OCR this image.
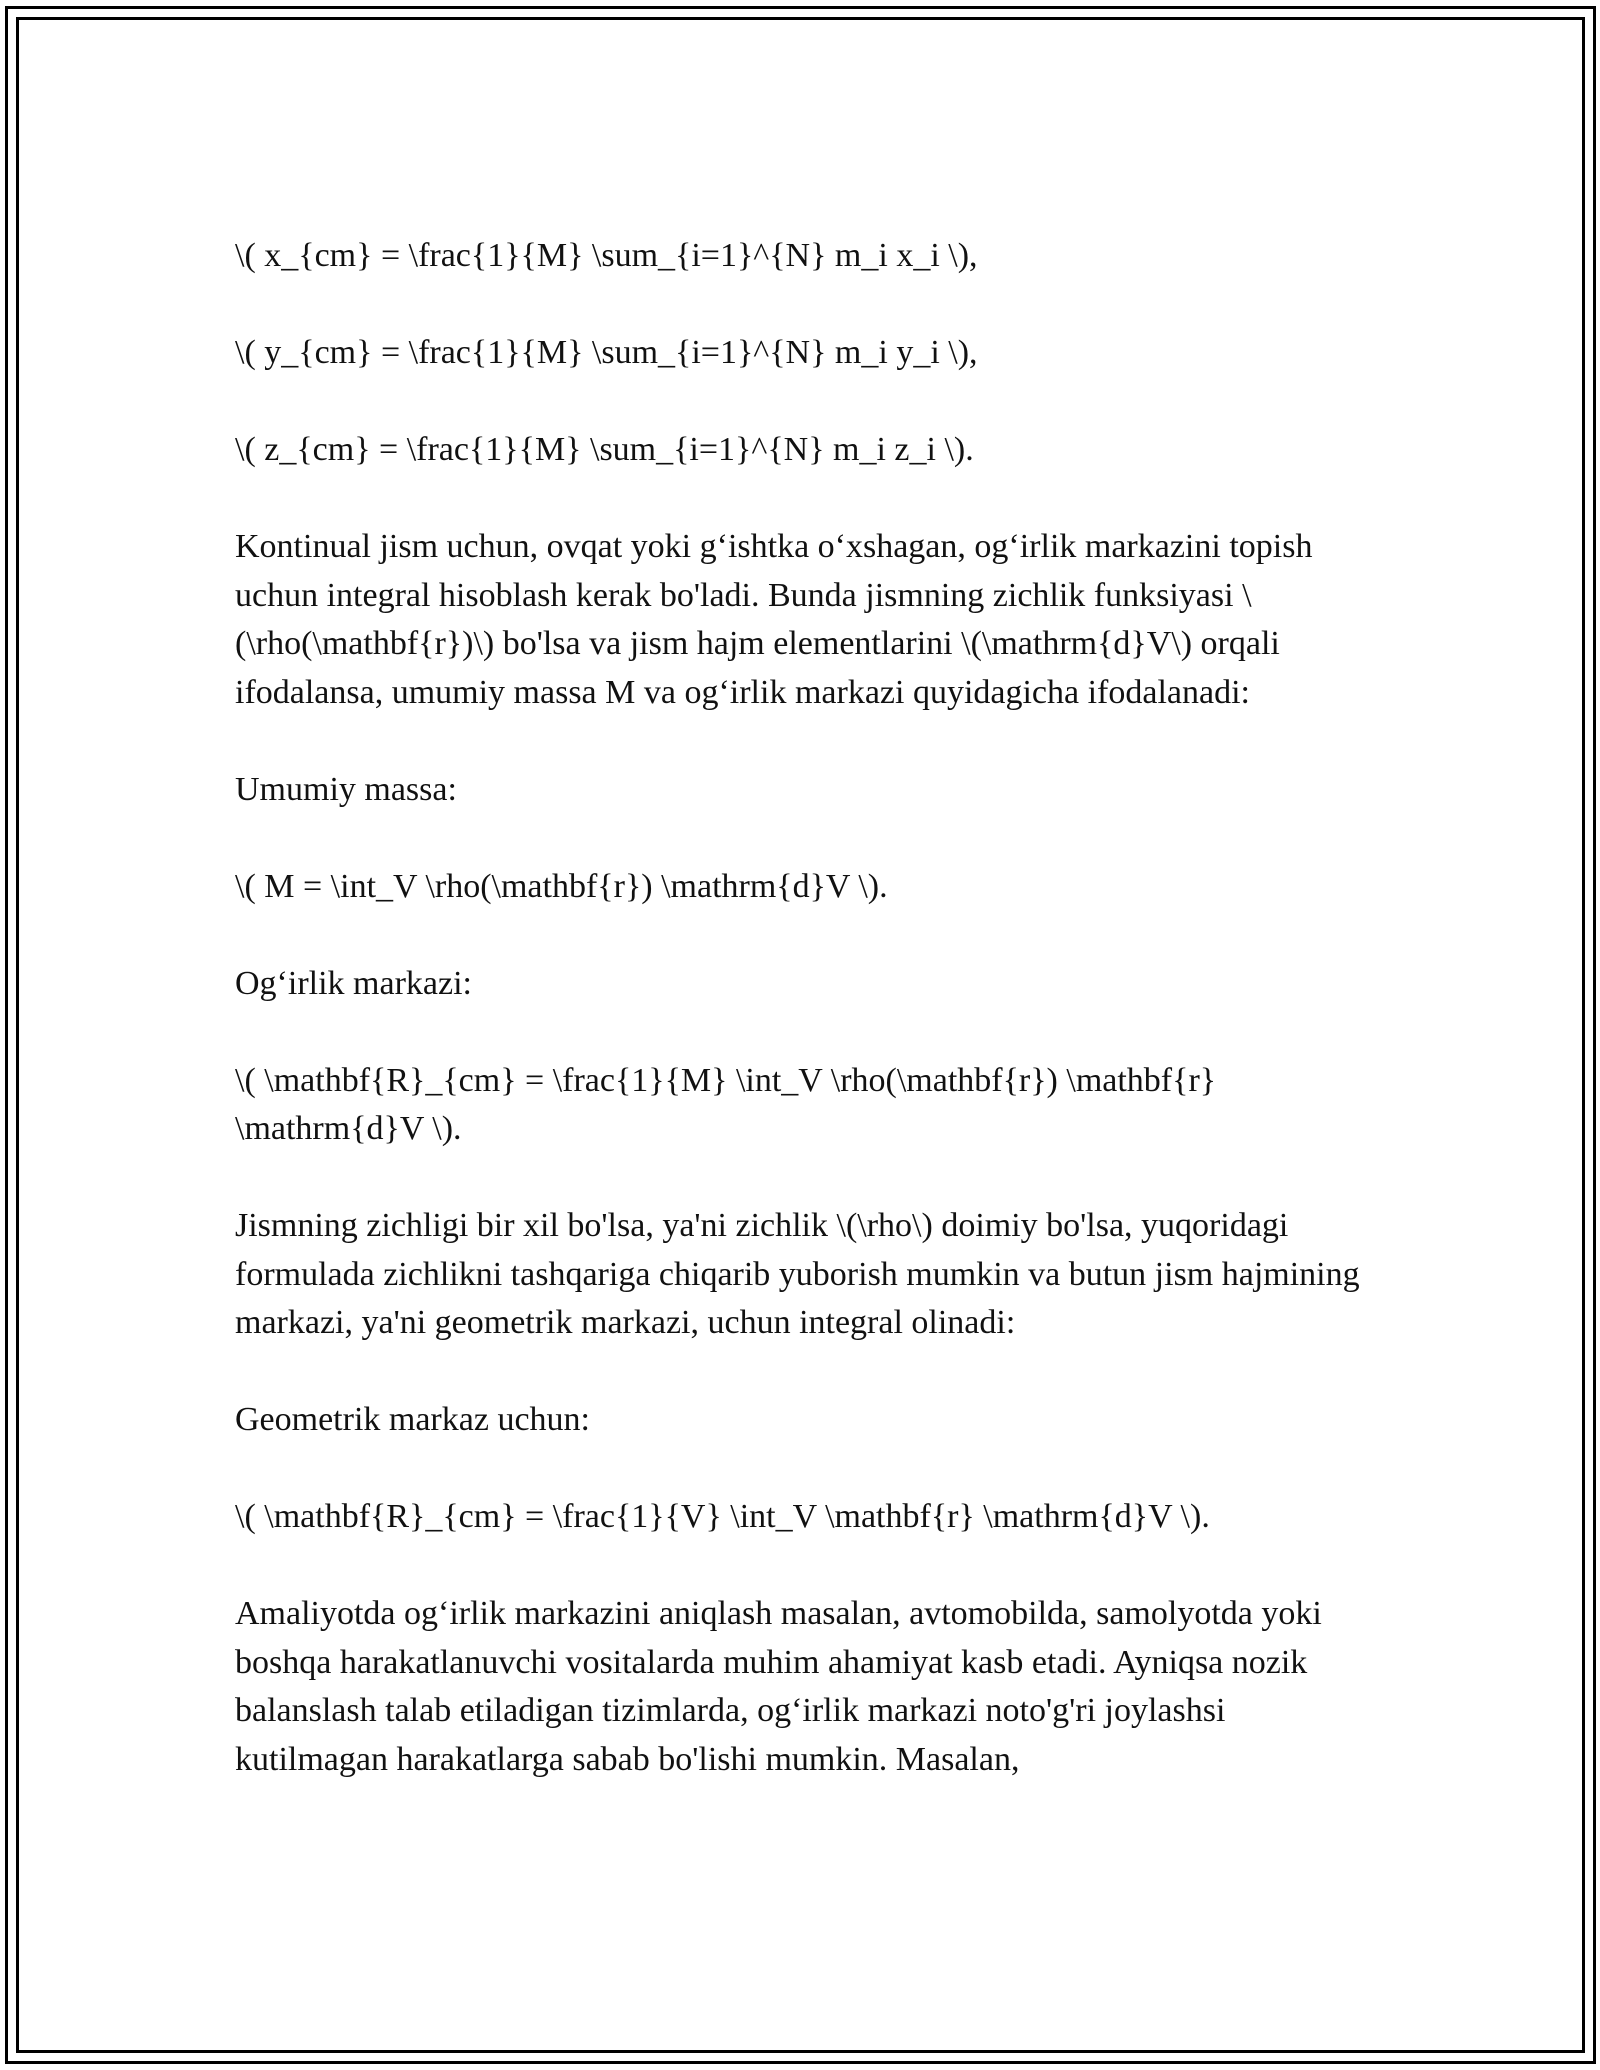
\( x_{cm} = \frac{1}{M} \sum_{i=1}^{N} m_i x_i \),

\( y_{cm} = \frac{1}{M} \sum_{i=1}^{N} m_i y_i \),

\( z_{cm} = \frac{1}{M} \sum_{i=1}^{N} m_i z_i \).

Kontinual jism uchun, ovqat yoki g‘ishtka o‘xshagan, og‘irlik markazini topish uchun integral hisoblash kerak bo'ladi. Bunda jismning zichlik funksiyasi \(\rho(\mathbf{r})\) bo'lsa va jism hajm elementlarini \(\mathrm{d}V\) orqali ifodalansa, umumiy massa M va og‘irlik markazi quyidagicha ifodalanadi:

Umumiy massa:

\( M = \int_V \rho(\mathbf{r}) \mathrm{d}V \).

Og‘irlik markazi:

\( \mathbf{R}_{cm} = \frac{1}{M} \int_V \rho(\mathbf{r}) \mathbf{r} \mathrm{d}V \).

Jismning zichligi bir xil bo'lsa, ya'ni zichlik \(\rho\) doimiy bo'lsa, yuqoridagi formulada zichlikni tashqariga chiqarib yuborish mumkin va butun jism hajmining markazi, ya'ni geometrik markazi, uchun integral olinadi:

Geometrik markaz uchun:

\( \mathbf{R}_{cm} = \frac{1}{V} \int_V \mathbf{r} \mathrm{d}V \).

Amaliyotda og‘irlik markazini aniqlash masalan, avtomobilda, samolyotda yoki boshqa harakatlanuvchi vositalarda muhim ahamiyat kasb etadi. Ayniqsa nozik balanslash talab etiladigan tizimlarda, og‘irlik markazi noto'g'ri joylashsi kutilmagan harakatlarga sabab bo'lishi mumkin. Masalan,
